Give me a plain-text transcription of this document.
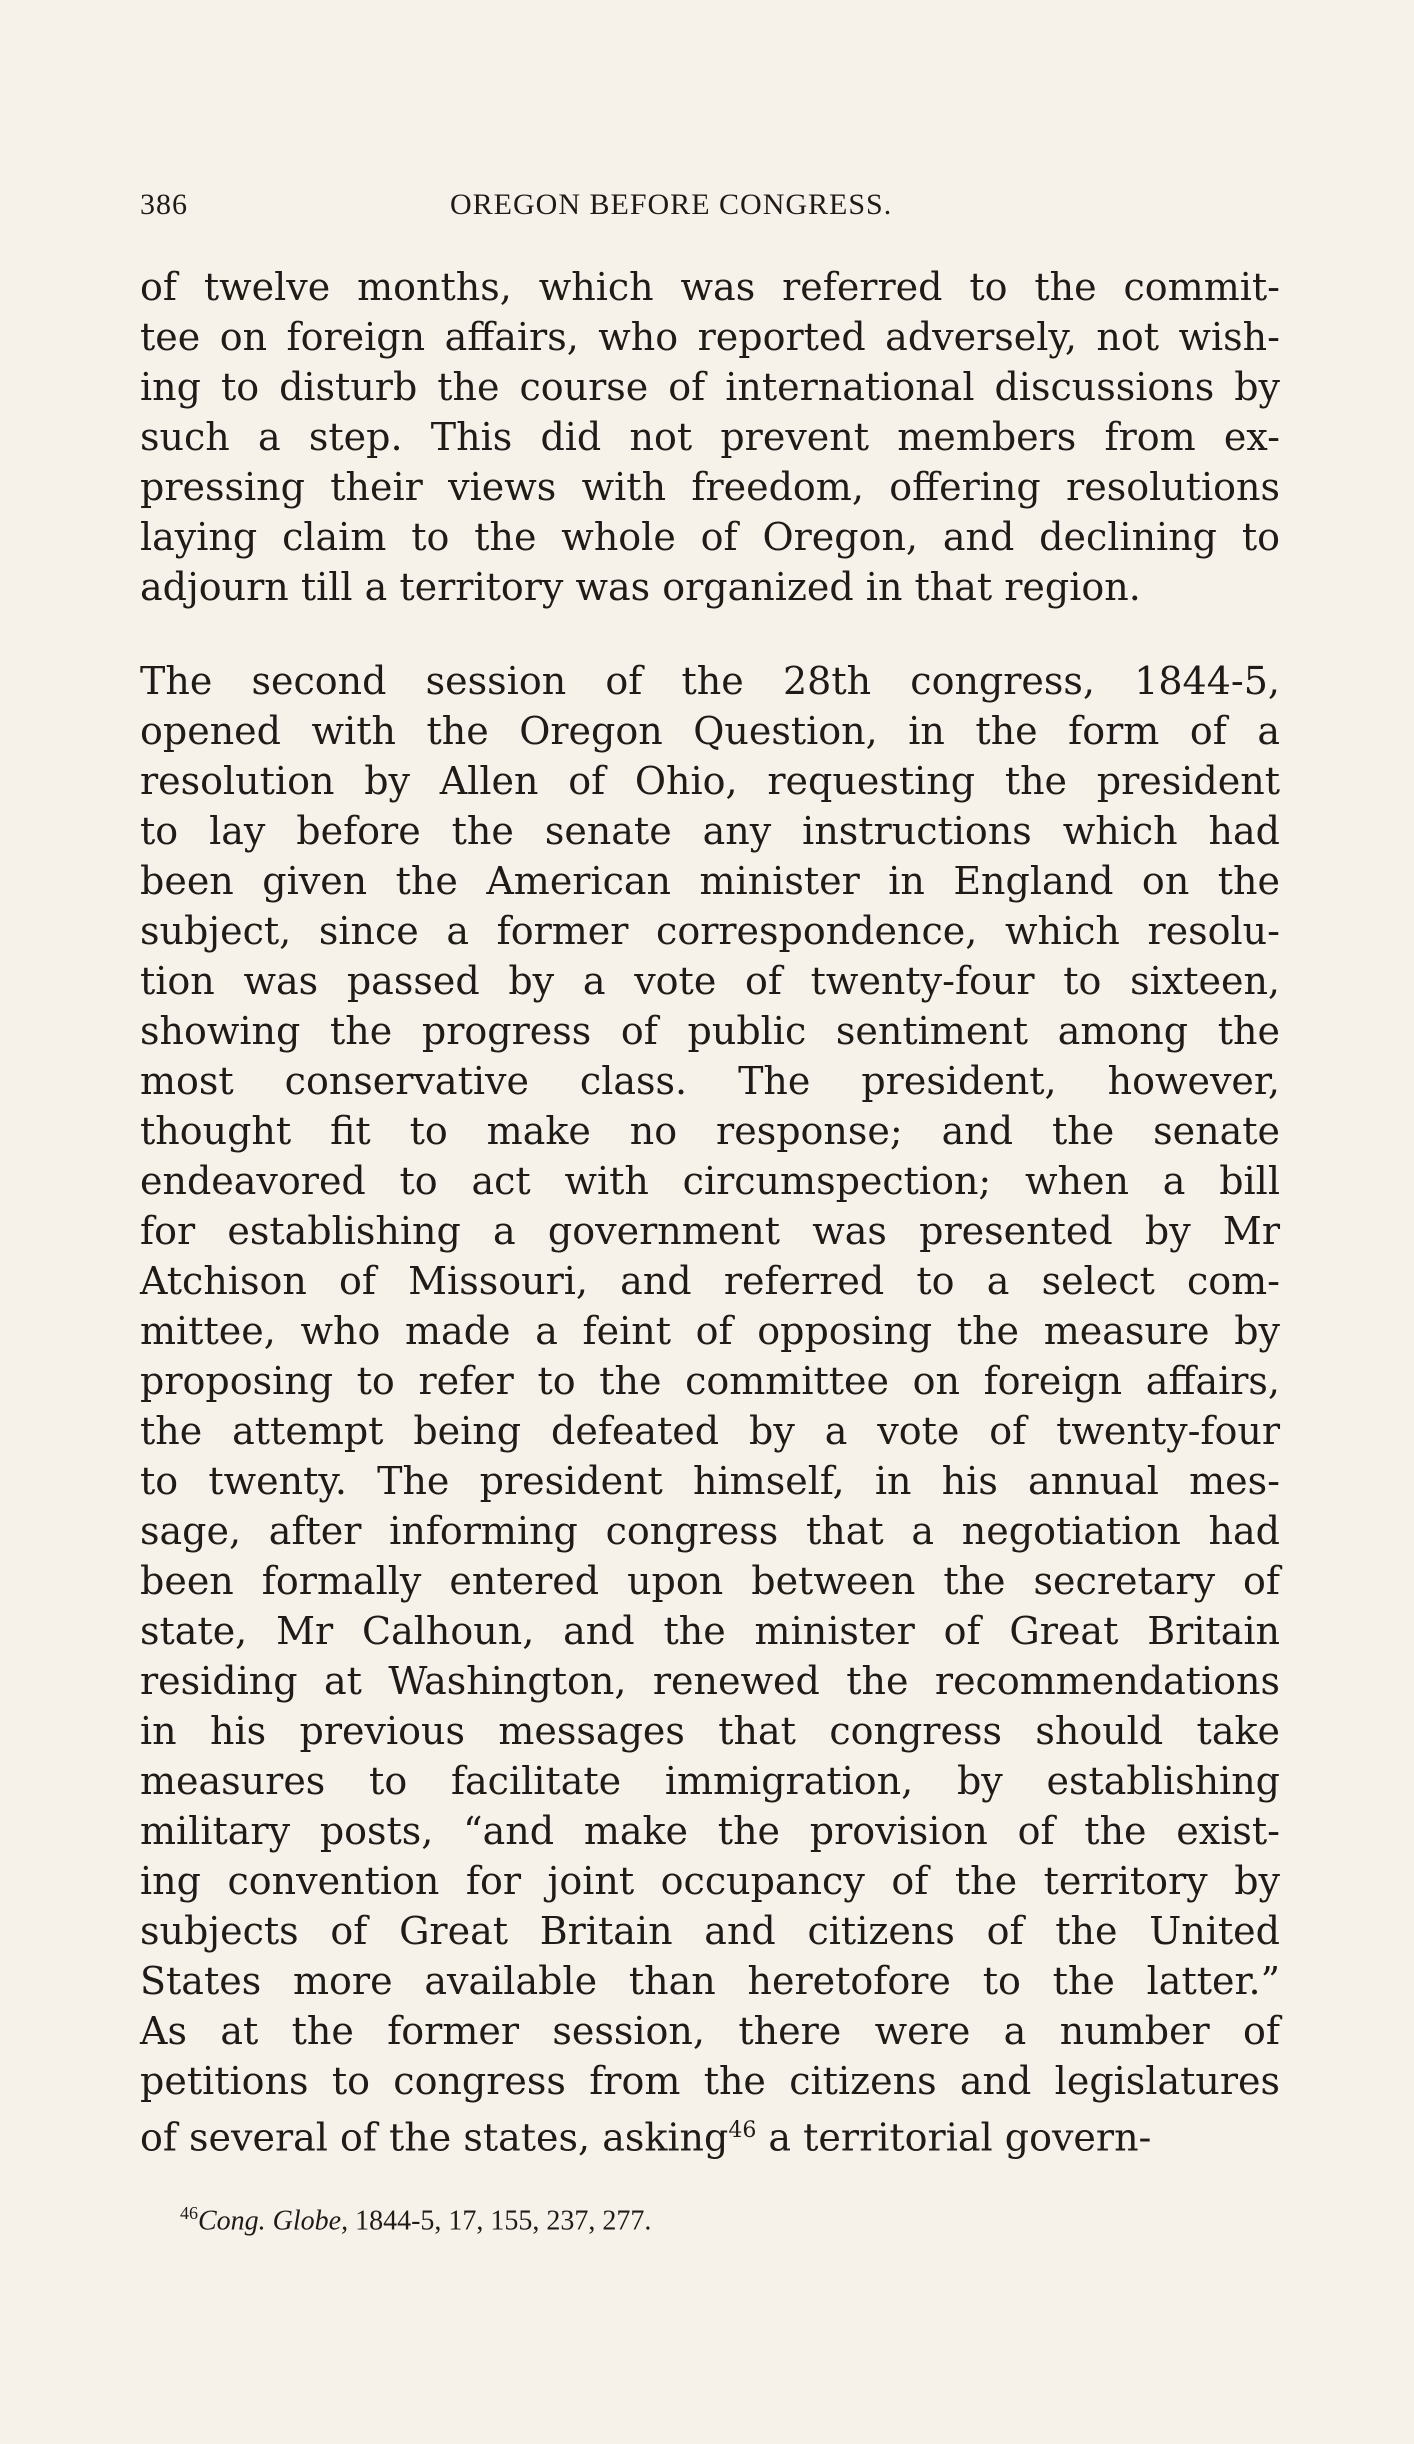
386	OREGON BEFORE CONGRESS.
of twelve months, which was referred to the commit-
tee on foreign affairs, who reported adversely, not wish-
ing to disturb the course of international discussions by
such a step. This did not prevent members from ex-
pressing their views with freedom, offering resolutions
laying claim to the whole of Oregon, and declining to
adjourn till a territory was organized in that region.
The second session of the 28th congress, 1844-5,
opened with the Oregon Question, in the form of a
resolution by Allen of Ohio, requesting the president
to lay before the senate any instructions which had
been given the American minister in England on the
subject, since a former correspondence, which resolu-
tion was passed by a vote of twenty-four to sixteen,
showing the progress of public sentiment among the
most conservative class. The president, however,
thought fit to make no response; and the senate
endeavored to act with circumspection; when a bill
for establishing a government was presented by Mr
Atchison of Missouri, and referred to a select com-
mittee, who made a feint of opposing the measure by
proposing to refer to the committee on foreign affairs,
the attempt being defeated by a vote of twenty-four
to twenty. The president himself, in his annual mes-
sage, after informing congress that a negotiation had
been formally entered upon between the secretary of
state, Mr Calhoun, and the minister of Great Britain
residing at Washington, renewed the recommendations
in his previous messages that congress should take
measures to facilitate immigration, by establishing
military posts, “and make the provision of the exist-
ing convention for joint occupancy of the territory by
subjects of Great Britain and citizens of the United
States more available than heretofore to the latter.”
As at the former session, there were a number of
petitions to congress from the citizens and legislatures
of several of the states, asking$^{46}$ a territorial govern-
$^{46}$Cong. Globe, 1844-5, 17, 155, 237, 277.
